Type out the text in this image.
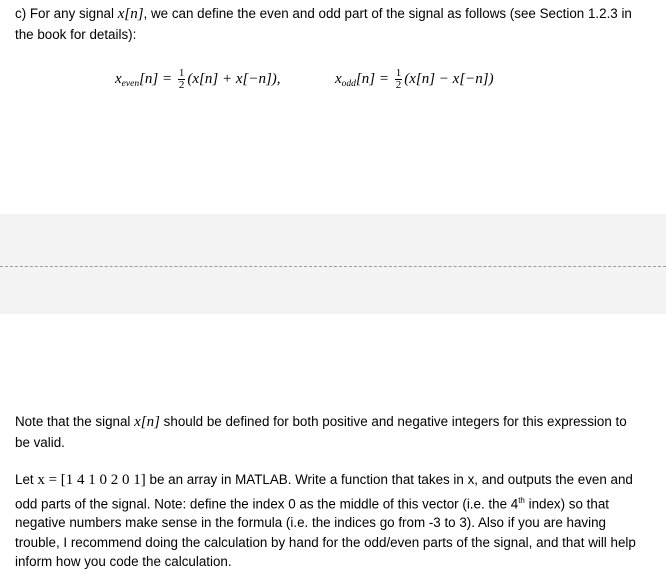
c) For any signal x[n], we can define the even and odd part of the signal as follows (see Section 1.2.3 in the book for details):
x even $[n] = \frac{1}{2} (x[n] + x[-n])$,	x odd $[n] = \frac{1}{2} (x[n] - x[-n])$
Note that the signal x[n] should be defined for both positive and negative integers for this expression to be valid.
Let x = [1 4 1 0 2 0 1] be an array in MATLAB. Write a function that takes in x, and outputs the even and odd parts of the signal. Note: define the index 0 as the middle of this vector (i.e. the 4th index) so that negative numbers make sense in the formula (i.e. the indices go from -3 to 3). Also if you are having trouble, I recommend doing the calculation by hand for the odd/even parts of the signal, and that will help inform how you code the calculation.
